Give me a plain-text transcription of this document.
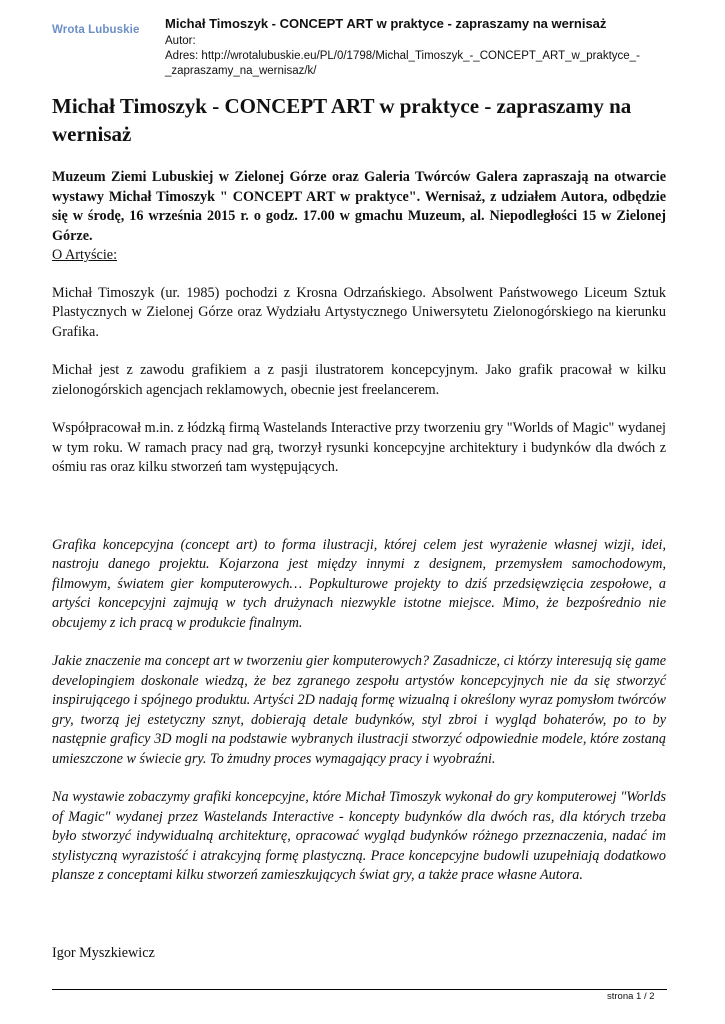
Wrota Lubuskie Michał Timoszyk - CONCEPT ART w praktyce - zapraszamy na wernisaż
Autor:
Adres: http://wrotalubuskie.eu/PL/0/1798/Michal_Timoszyk_-_CONCEPT_ART_w_praktyce_-
_zapraszamy_na_wernisaz/k/
Michał Timoszyk - CONCEPT ART w praktyce - zapraszamy na wernisaż

Muzeum Ziemi Lubuskiej w Zielonej Górze oraz Galeria Twórców Galera zapraszają na otwarcie wystawy Michał Timoszyk " CONCEPT ART w praktyce". Wernisaż, z udziałem Autora, odbędzie się w środę, 16 września 2015 r. o godz. 17.00 w gmachu Muzeum, al. Niepodległości 15 w Zielonej Górze.

O Artyście:

Michał Timoszyk (ur. 1985) pochodzi z Krosna Odrzańskiego. Absolwent Państwowego Liceum Sztuk Plastycznych w Zielonej Górze oraz Wydziału Artystycznego Uniwersytetu Zielonogórskiego na kierunku Grafika.

Michał jest z zawodu grafikiem a z pasji ilustratorem koncepcyjnym. Jako grafik pracował w kilku zielonogórskich agencjach reklamowych, obecnie jest freelancerem.

Współpracował m.in. z łódzką firmą Wastelands Interactive przy tworzeniu gry "Worlds of Magic" wydanej w tym roku. W ramach pracy nad grą, tworzył rysunki koncepcyjne architektury i budynków dla dwóch z ośmiu ras oraz kilku stworzeń tam występujących.

Grafika koncepcyjna (concept art) to forma ilustracji, której celem jest wyrażenie własnej wizji, idei, nastroju danego projektu. Kojarzona jest między innymi z designem, przemysłem samochodowym, filmowym, światem gier komputerowych… Popkulturowe projekty to dziś przedsięwzięcia zespołowe, a artyści koncepcyjni zajmują w tych drużynach niezwykle istotne miejsce. Mimo, że bezpośrednio nie obcujemy z ich pracą w produkcie finalnym.

Jakie znaczenie ma concept art w tworzeniu gier komputerowych? Zasadnicze, ci którzy interesują się game developingiem doskonale wiedzą, że bez zgranego zespołu artystów koncepcyjnych nie da się stworzyć inspirującego i spójnego produktu. Artyści 2D nadają formę wizualną i określony wyraz pomysłom twórców gry, tworzą jej estetyczny sznyt, dobierają detale budynków, styl zbroi i wygląd bohaterów, po to by następnie graficy 3D mogli na podstawie wybranych ilustracji stworzyć odpowiednie modele, które zostaną umieszczone w świecie gry. To żmudny proces wymagający pracy i wyobraźni.

Na wystawie zobaczymy grafiki koncepcyjne, które Michał Timoszyk wykonał do gry komputerowej "Worlds of Magic" wydanej przez Wastelands Interactive - koncepty budynków dla dwóch ras, dla których trzeba było stworzyć indywidualną architekturę, opracować wygląd budynków różnego przeznaczenia, nadać im stylistyczną wyrazistość i atrakcyjną formę plastyczną. Prace koncepcyjne budowli uzupełniają dodatkowo plansze z conceptami kilku stworzeń zamieszkujących świat gry, a także prace własne Autora.

Igor Myszkiewicz

strona 1 / 2
